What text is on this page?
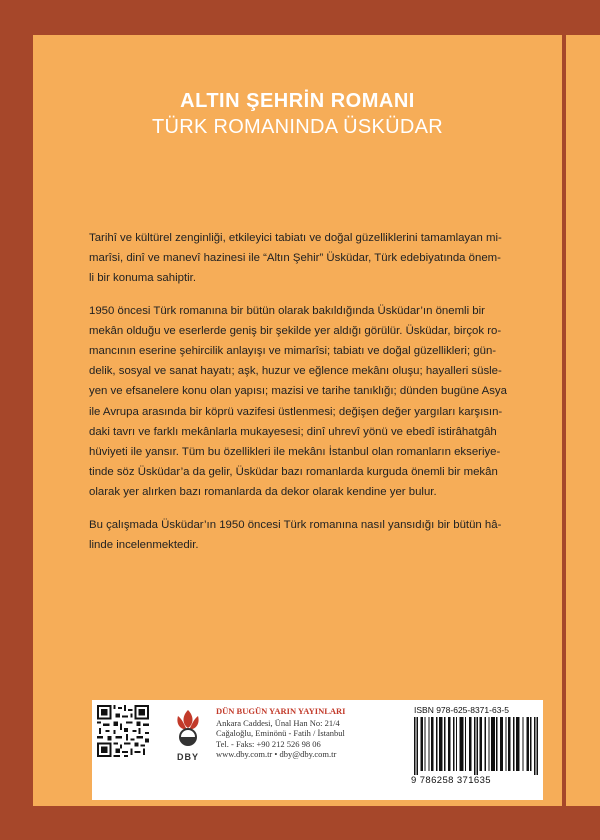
ALTIN ŞEHRİN ROMANI
TÜRK ROMANINDA ÜSKÜDAR

Tarihî ve kültürel zenginliği, etkileyici tabiatı ve doğal güzelliklerini tamamlayan mi-
marîsi, dinî ve manevî hazinesi ile “Altın Şehir” Üsküdar, Türk edebiyatında önem-
li bir konuma sahiptir.

1950 öncesi Türk romanına bir bütün olarak bakıldığında Üsküdar’ın önemli bir
mekân olduğu ve eserlerde geniş bir şekilde yer aldığı görülür. Üsküdar, birçok ro-
mancının eserine şehircilik anlayışı ve mimarîsi; tabiatı ve doğal güzellikleri; gün-
delik, sosyal ve sanat hayatı; aşk, huzur ve eğlence mekânı oluşu; hayalleri süsle-
yen ve efsanelere konu olan yapısı; mazisi ve tarihe tanıklığı; dünden bugüne Asya
ile Avrupa arasında bir köprü vazifesi üstlenmesi; değişen değer yargıları karşısın-
daki tavrı ve farklı mekânlarla mukayesesi; dinî uhrevî yönü ve ebedî istirâhatgâh
hüviyeti ile yansır. Tüm bu özellikleri ile mekânı İstanbul olan romanların ekseriye-
tinde söz Üsküdar’a da gelir, Üsküdar bazı romanlarda kurguda önemli bir mekân
olarak yer alırken bazı romanlarda da dekor olarak kendine yer bulur.

Bu çalışmada Üsküdar’ın 1950 öncesi Türk romanına nasıl yansıdığı bir bütün hâ-
linde incelenmektedir.

DBY
DÜN BUGÜN YARIN YAYINLARI
Ankara Caddesi, Ünal Han No: 21/4
Cağaloğlu, Eminönü - Fatih / İstanbul
Tel. - Faks: +90 212 526 98 06
www.dby.com.tr • dby@dby.com.tr
ISBN 978-625-8371-63-5
9 786258 371635
